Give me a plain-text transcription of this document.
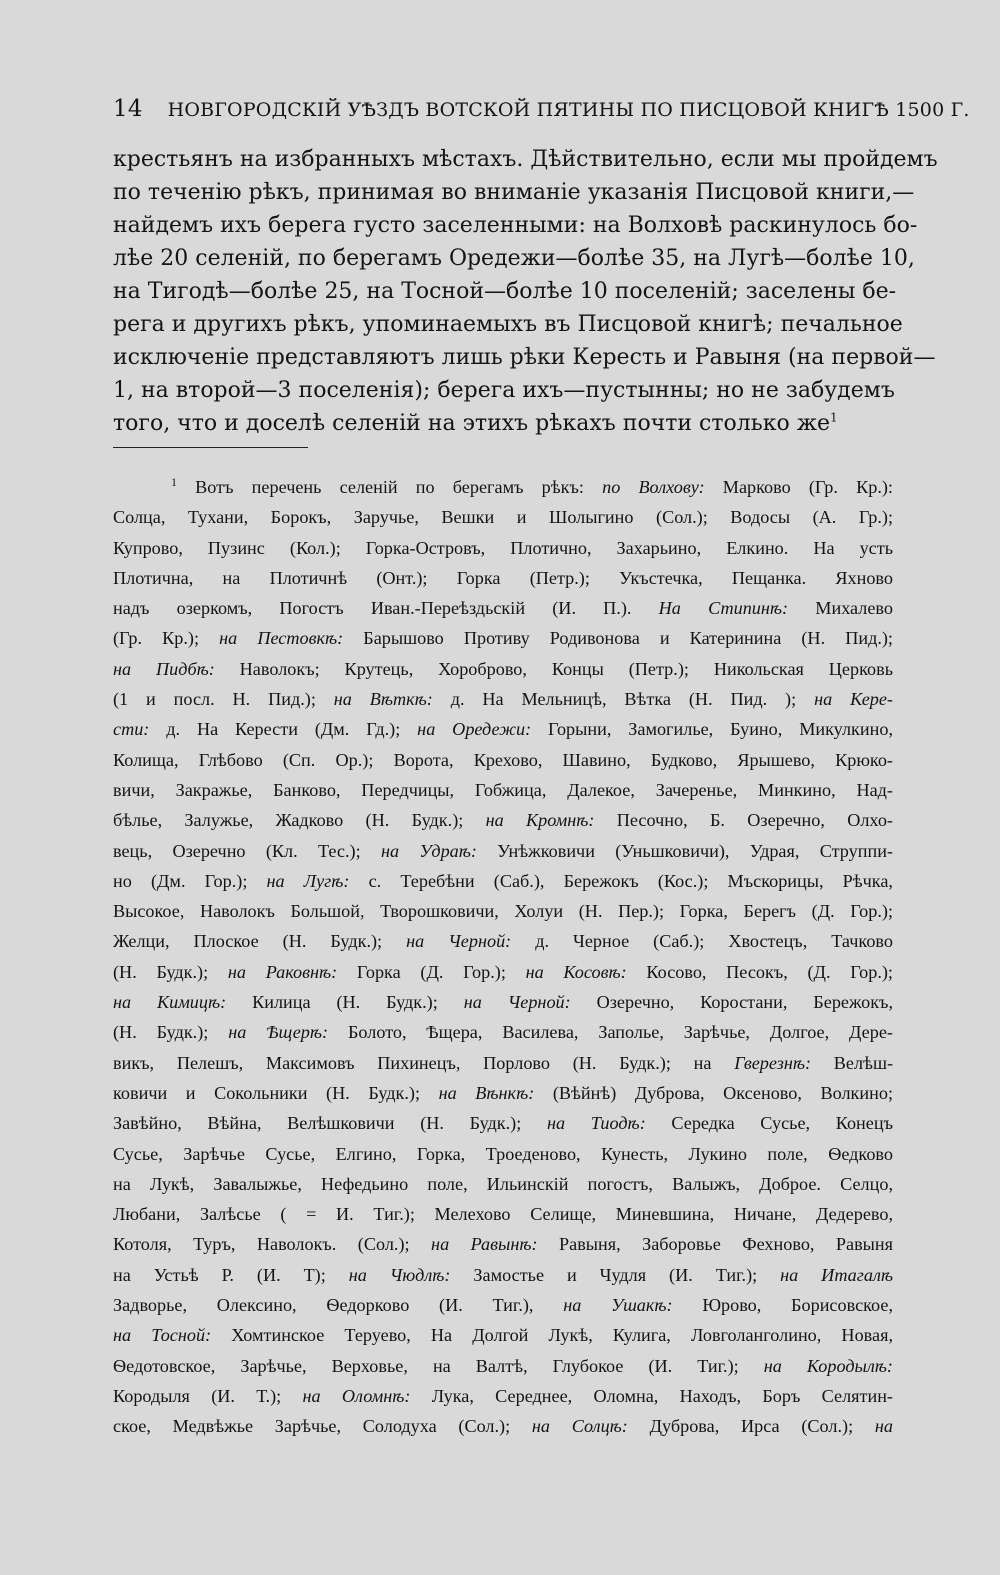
14 НОВГОРОДСКІЙ УѢЗДЪ ВОТСКОЙ ПЯТИНЫ ПО ПИСЦОВОЙ КНИГѢ 1500 Г.
крестьянъ на избранныхъ мѣстахъ. Дѣйствительно, если мы пройдемъ
по теченію рѣкъ, принимая во вниманіе указанія Писцовой книги,—
найдемъ ихъ берега густо заселенными: на Волховѣ раскинулось бо-
лѣе 20 селеній, по берегамъ Оредежи—болѣе 35, на Лугѣ—болѣе 10,
на Тигодѣ—болѣе 25, на Тосной—болѣе 10 поселеній; заселены бе-
рега и другихъ рѣкъ, упоминаемыхъ въ Писцовой книгѣ; печальное
исключеніе представляютъ лишь рѣки Кересть и Равыня (на первой—
1, на второй—3 поселенія); берега ихъ—пустынны; но не забудемъ
того, что и доселѣ селеній на этихъ рѣкахъ почти столько $же^1$
$^1$ Вотъ перечень селеній по берегамъ рѣкъ: по Волхову: Марково (Гр. Кр.):
Солца, Тухани, Борокъ, Заручье, Вешки и Шолыгино (Сол.); Водосы (А. Гр.);
Купрово, Пузинс (Кол.); Горка-Островъ, Плотично, Захарьино, Елкино. На усть
Плотична, на Плотичнѣ (Онт.); Горка (Петр.); Укъстечка, Пещанка. Яхново
надъ озеркомъ, Погостъ Иван.-Переѣздьскій (И. П.). На Стипинѣ: Михалево
(Гр. Кр.); на Пестовкѣ: Барышово Противу Родивонова и Катеринина (Н. Пид.);
на Пидбѣ: Наволокъ; Крутець, Хороброво, Концы (Петр.); Никольская Церковь
(1 и посл. Н. Пид.); на Вѣткѣ: д. На Мельницѣ, Вѣтка (Н. Пид. ); на Кере-
сти: д. На Керести (Дм. Гд.); на Оредежи: Горыни, Замогилье, Буино, Микулкино,
Колища, Глѣбово (Сп. Ор.); Ворота, Крехово, Шавино, Будково, Ярышево, Крюко-
вичи, Закражье, Банково, Передчицы, Гобжица, Далекое, Зачеренье, Минкино, Над-
бѣлье, Залужье, Жадково (Н. Будк.); на Кромнѣ: Песочно, Б. Озеречно, Олхо-
вець, Озеречно (Кл. Тес.); на Удраѣ: Унѣжковичи (Уньшковичи), Удрая, Струппи-
но (Дм. Гор.); на Лугѣ: с. Теребѣни (Саб.), Бережокъ (Кос.); Мъскорицы, Рѣчка,
Высокое, Наволокъ Большой, Творошковичи, Холуи (Н. Пер.); Горка, Берегъ (Д. Гор.);
Желци, Плоское (Н. Будк.); на Черной: д. Черное (Саб.); Хвостецъ, Тачково
(Н. Будк.); на Раковнѣ: Горка (Д. Гор.); на Косовѣ: Косово, Песокъ, (Д. Гор.);
на Кимицѣ: Килица (Н. Будк.); на Черной: Озеречно, Коростани, Бережокъ,
(Н. Будк.); на Ѣщерѣ: Болото, Ѣщера, Василева, Заполье, Зарѣчье, Долгое, Дере-
викъ, Пелешъ, Максимовъ Пихинецъ, Порлово (Н. Будк.); на Гверезнѣ: Велѣш-
ковичи и Сокольники (Н. Будк.); на Вѣнкѣ: (Вѣйнѣ) Дуброва, Оксеново, Волкино;
Завѣйно, Вѣйна, Велѣшковичи (Н. Будк.); на Тиодѣ: Середка Сусье, Конецъ
Сусье, Зарѣчье Сусье, Елгино, Горка, Троеденово, Кунесть, Лукино поле, Ѳедково
на Лукѣ, Завалыжье, Нефедьино поле, Ильинскій погостъ, Валыжъ, Доброе. Селцо,
Любани, Залѣсье ( = И. Тиг.); Мелехово Селище, Миневшина, Ничане, Дедерево,
Котоля, Туръ, Наволокъ. (Сол.); на Равынѣ: Равыня, Заборовье Фехново, Равыня
на Устьѣ Р. (И. Т); на Чюдлѣ: Замостье и Чудля (И. Тиг.); на Итагалѣ
Задворье, Олексино, Ѳедорково (И. Тиг.), на Ушакѣ: Юрово, Борисовское,
на Тосной: Хомтинское Теруево, На Долгой Лукѣ, Кулига, Ловголанголино, Новая,
Ѳедотовское, Зарѣчье, Верховье, на Валтѣ, Глубокое (И. Тиг.); на Кородылѣ:
Кородыля (И. Т.); на Оломнѣ: Лука, Середнее, Оломна, Находъ, Боръ Селятин-
ское, Медвѣжье Зарѣчье, Солодуха (Сол.); на Солцѣ: Дуброва, Ирса (Сол.); на
